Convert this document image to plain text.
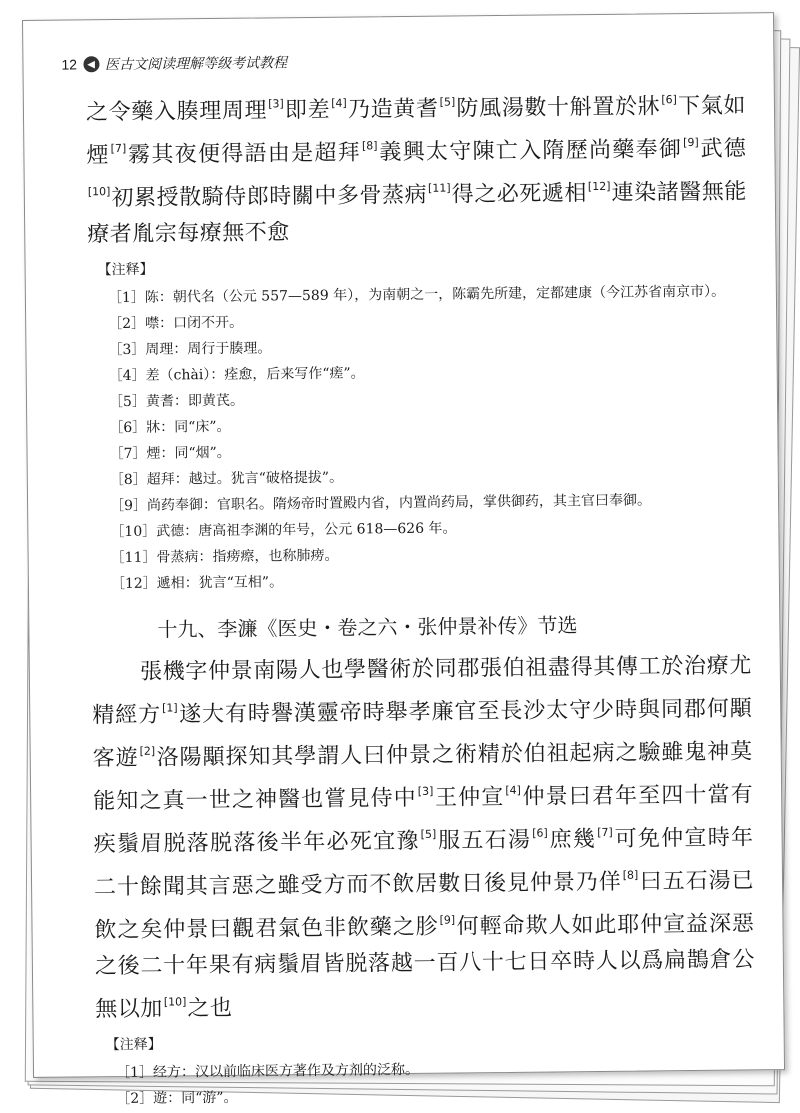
12 ◀ 医古文阅读理解等级考试教程

之令藥入腠理周理[3]即差[4]乃造黄耆[5]防風湯數十斛置於牀[6]下氣如煙[7]霧其夜便得語由是超拜[8]義興太守陳亡入隋歷尚藥奉御[9]武德[10]初累授散騎侍郎時關中多骨蒸病[11]得之必死遞相[12]連染諸醫無能療者胤宗每療無不愈

【注释】

［1］陈：朝代名（公元 557—589 年），为南朝之一，陈霸先所建，定都建康（今江苏省南京市）。

［2］噤：口闭不开。

［3］周理：周行于腠理。

［4］差（chài）：痊愈，后来写作“瘥”。

［5］黄耆：即黄芪。

［6］牀：同“床”。

［7］煙：同“烟”。

［8］超拜：越过。犹言“破格提拔”。

［9］尚药奉御：官职名。隋炀帝时置殿内省，内置尚药局，掌供御药，其主官曰奉御。

［10］武德：唐高祖李渊的年号，公元 618—626 年。

［11］骨蒸病：指痨瘵，也称肺痨。

［12］遞相：犹言“互相”。

十九、李濂《医史・卷之六・张仲景补传》节选

張機字仲景南陽人也學醫術於同郡張伯祖盡得其傳工於治療尤精經方[1]遂大有時譽漢靈帝時舉孝廉官至長沙太守少時與同郡何顒客遊[2]洛陽顒探知其學謂人曰仲景之術精於伯祖起病之驗雖鬼神莫能知之真一世之神醫也嘗見侍中[3]王仲宣[4]仲景曰君年至四十當有疾鬚眉脱落脱落後半年必死宜豫[5]服五石湯[6]庶幾[7]可免仲宣時年二十餘聞其言惡之雖受方而不飲居數日後見仲景乃佯[8]曰五石湯已飲之矣仲景曰觀君氣色非飲藥之胗[9]何輕命欺人如此耶仲宣益深惡之後二十年果有病鬚眉皆脱落越一百八十七日卒時人以爲扁鵲倉公無以加[10]之也

【注释】

［1］经方：汉以前临床医方著作及方剂的泛称。

［2］遊：同“游”。
